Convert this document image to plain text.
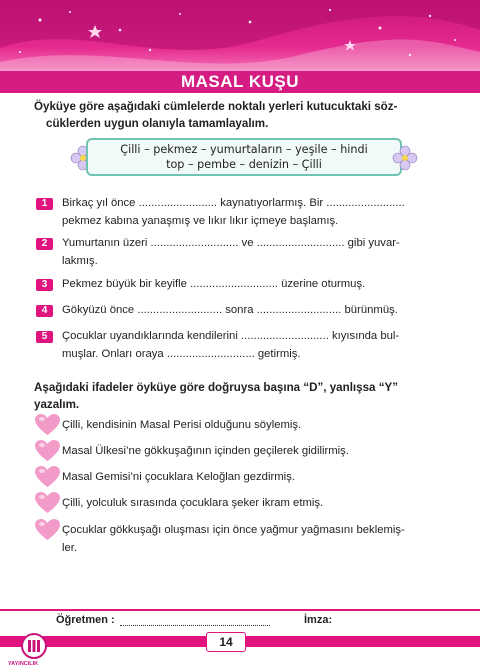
MASAL KUŞU
Öyküye göre aşağıdaki cümlelerde noktalı yerleri kutucuktaki söz-
cüklerden uygun olanıyla tamamlayalım.
Çilli – pekmez – yumurtaların – yeşile – hindi
top – pembe – denizin – Çilli
1	Birkaç yıl önce ......................... kaynatıyorlarmış. Bir .........................
pekmez kabına yanaşmış ve lıkır lıkır içmeye başlamış.
2	Yumurtanın üzeri ............................ ve ............................ gibi yuvar-
lakmış.
3	Pekmez büyük bir keyifle ............................ üzerine oturmuş.
4	Gökyüzü önce ........................... sonra ........................... bürünmüş.
5	Çocuklar uyandıklarında kendilerini ............................ kıyısında bul-
muşlar. Onları oraya ............................ getirmiş.
Aşağıdaki ifadeler öyküye göre doğruysa başına “D”, yanlışsa “Y”
yazalım.
Çilli, kendisinin Masal Perisi olduğunu söylemiş.
Masal Ülkesi’ne gökkuşağının içinden geçilerek gidilirmiş.
Masal Gemisi’ni çocuklara Keloğlan gezdirmiş.
Çilli, yolculuk sırasında çocuklara şeker ikram etmiş.
Çocuklar gökkuşağı oluşması için önce yağmur yağmasını beklemiş-
ler.
Öğretmen :	İmza:
14
YAYINCILIK
